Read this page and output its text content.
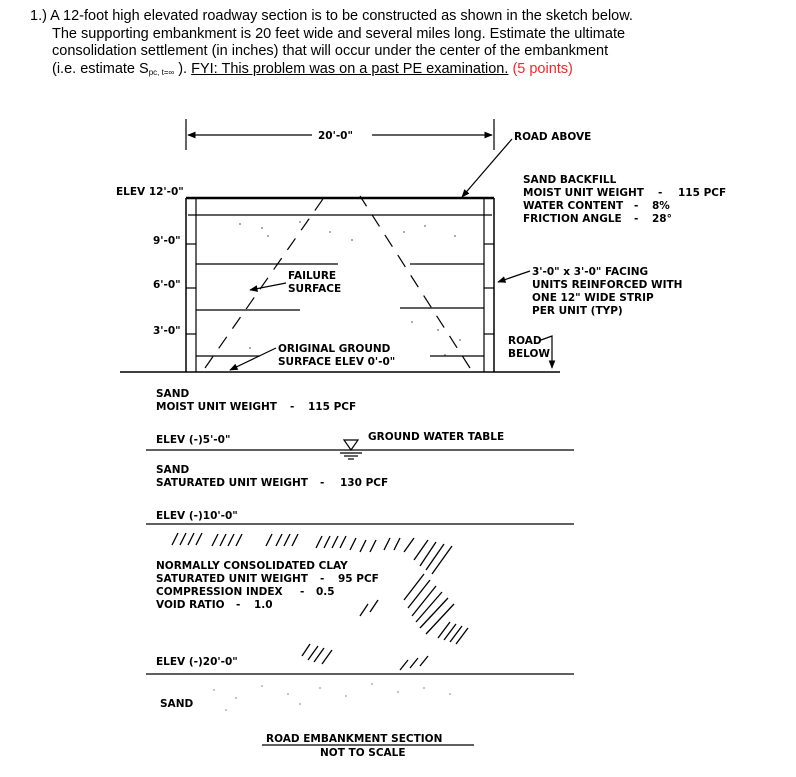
1.) A 12-foot high elevated roadway section is to be constructed as shown in the sketch below.
The supporting embankment is 20 feet wide and several miles long. Estimate the ultimate
consolidation settlement (in inches) that will occur under the center of the embankment
(i.e. estimate $S_{pc, t=\infty}$ ). FYI: This problem was on a past PE examination. (5 points)
20'-0"	ROAD ABOVE
SAND BACKFILL
MOIST UNIT WEIGHT - 115 PCF
WATER CONTENT - 8%
FRICTION ANGLE - 28°
ELEV 12'-0"
9'-0"
6'-0"
3'-0"
FAILURE
SURFACE
3'-0" x 3'-0" FACING
UNITS REINFORCED WITH
ONE 12" WIDE STRIP
PER UNIT (TYP)
ORIGINAL GROUND
SURFACE ELEV 0'-0"
ROAD
BELOW
SAND
MOIST UNIT WEIGHT - 115 PCF
ELEV (-)5'-0"	GROUND WATER TABLE
SAND
SATURATED UNIT WEIGHT - 130 PCF
ELEV (-)10'-0"
NORMALLY CONSOLIDATED CLAY
SATURATED UNIT WEIGHT - 95 PCF
COMPRESSION INDEX - 0.5
VOID RATIO - 1.0
ELEV (-)20'-0"
SAND
ROAD EMBANKMENT SECTION
NOT TO SCALE
